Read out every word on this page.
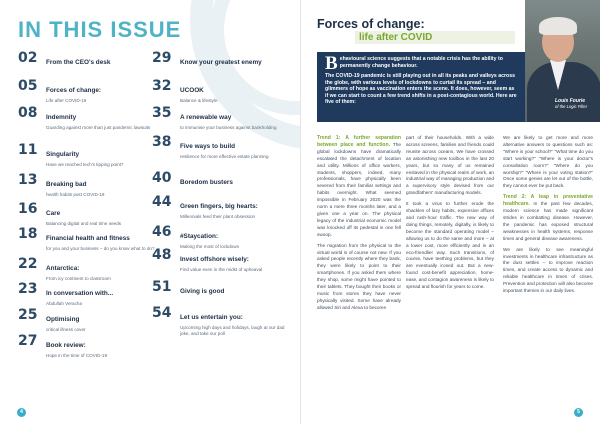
IN THIS ISSUE
02	From the CEO's desk
05	Forces of change:
Life after COVID-19
08	Indemnity
Guarding against more than just pandemic lawsuits
11	Singularity
Have we reached tech's tipping point?
13	Breaking bad
health habits post COVID-19
16	Care
Balancing digital and real time needs
18	Financial health and fitness
for you and your business – do you know what to do?
22	Antarctica:
From icy continent to classroom
23	In conversation with...
Abdullah Veracha
25	Optimising
critical illness cover
27	Book review:
Hope in the time of COVID-19
29	Know your greatest enemy
32	UCOOK
Balance & lifestyle
35	A renewable way
to immunise your business against bankholding
38	Five ways to build
resilience for more effective estate planning
40	Boredom busters
44	Green fingers, big hearts:
Millennials feed their plant obsession
46	#Staycation:
Making the most of lockdown
48	Invest offshore wisely:
Find value even in the midst of upheaval
51	Giving is good
54	Let us entertain you:
Upcoming high days and holidays, laugh at our dad joke, and take our poll
4
Forces of change:
life after COVID
Louis Fourie
of the Logic Filter
Behavioural science suggests that a notable crisis has the ability to permanently change behaviour.
The COVID-19 pandemic is still playing out in all its peaks and valleys across the globe, with various levels of lockdowns to curtail its spread – and glimmers of hope as vaccination enters the scene. It does, however, seem as if we can start to count a few trend shifts in a post-contagious world. Here are five of them:

Trend 1: A further separation between place and function. The global lockdowns have dramatically escalated the detachment of location and utility. Millions of office workers, students, shoppers, indeed, many professionals, have physically been severed from their familiar settings and habits overnight. What seemed impossible in February 2020 was the norm a mere three months later, and a given one a year on. The physical legacy of the industrial economic model was knocked off its pedestal in one fell swoop.

The migration from the physical to the virtual world is of course not new. If you asked people recently where they bank, they were likely to point to their smartphones. If you asked them where they shop, some might have pointed to their tablets. They bought their books or music from stores they have never physically visited. Some have already allowed Siri and Alexa to become

part of their households. With a wide across screens, families and friends could reunite across oceans. We have crossed an astonishing new toolbox in the last 20 years, but so many of us remained enslaved in the physical realm of work, an industrial way of managing production and a supervisory style devised from our grandfathers' manufacturing models.

It took a virus to further erode the shackles of lazy habits, expensive offices and rush-hour traffic. The new way of doing things, remotely, digitally, is likely to become the standard operating model – allowing us to do the same and more – at a lower cost, more efficiently and in an eco-friendlier way. Such transitions, of course, have teething problems, but they are eventually ironed out. But a new-found cost-benefit appreciation, home-ease, and contagion awareness is likely to spread and flourish for years to come.

We are likely to get more and more alternative answers to questions such as: "Where is your school?" "What time do you start working?" "Where is your doctor's consultation room?" "Where do you worship?" "Where is your voting station?" Once some genies are let out of the bottle, they cannot ever be put back.

Trend 2: A leap in preventative healthcare. In the past few decades, modern science has made significant strides in combatting disease. However, the pandemic has exposed structural weaknesses in health systems, response times and general disease awareness.

We are likely to see meaningful investments in healthcare infrastructure as the dust settles – to improve reaction times, and create access to dynamic and reliable healthcare in times of crises. Prevention and protection will also become important themes in our daily lives.

5
